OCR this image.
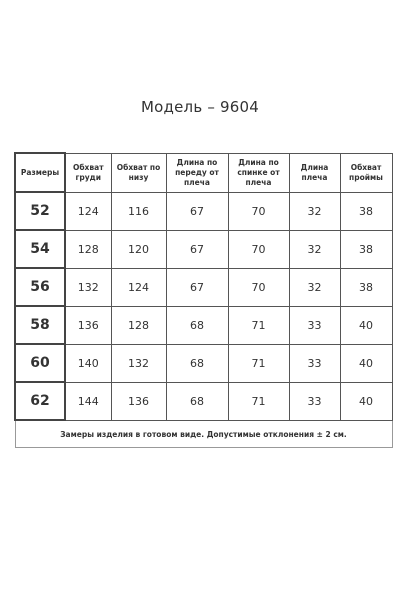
Модель – 9604
Размеры	Обхват груди	Обхват по низу	Длина по переду от плеча	Длина по спинке от плеча	Длина плеча	Обхват проймы
52	124	116	67	70	32	38
54	128	120	67	70	32	38
56	132	124	67	70	32	38
58	136	128	68	71	33	40
60	140	132	68	71	33	40
62	144	136	68	71	33	40
Замеры изделия в готовом виде. Допустимые отклонения ± 2 см.						
